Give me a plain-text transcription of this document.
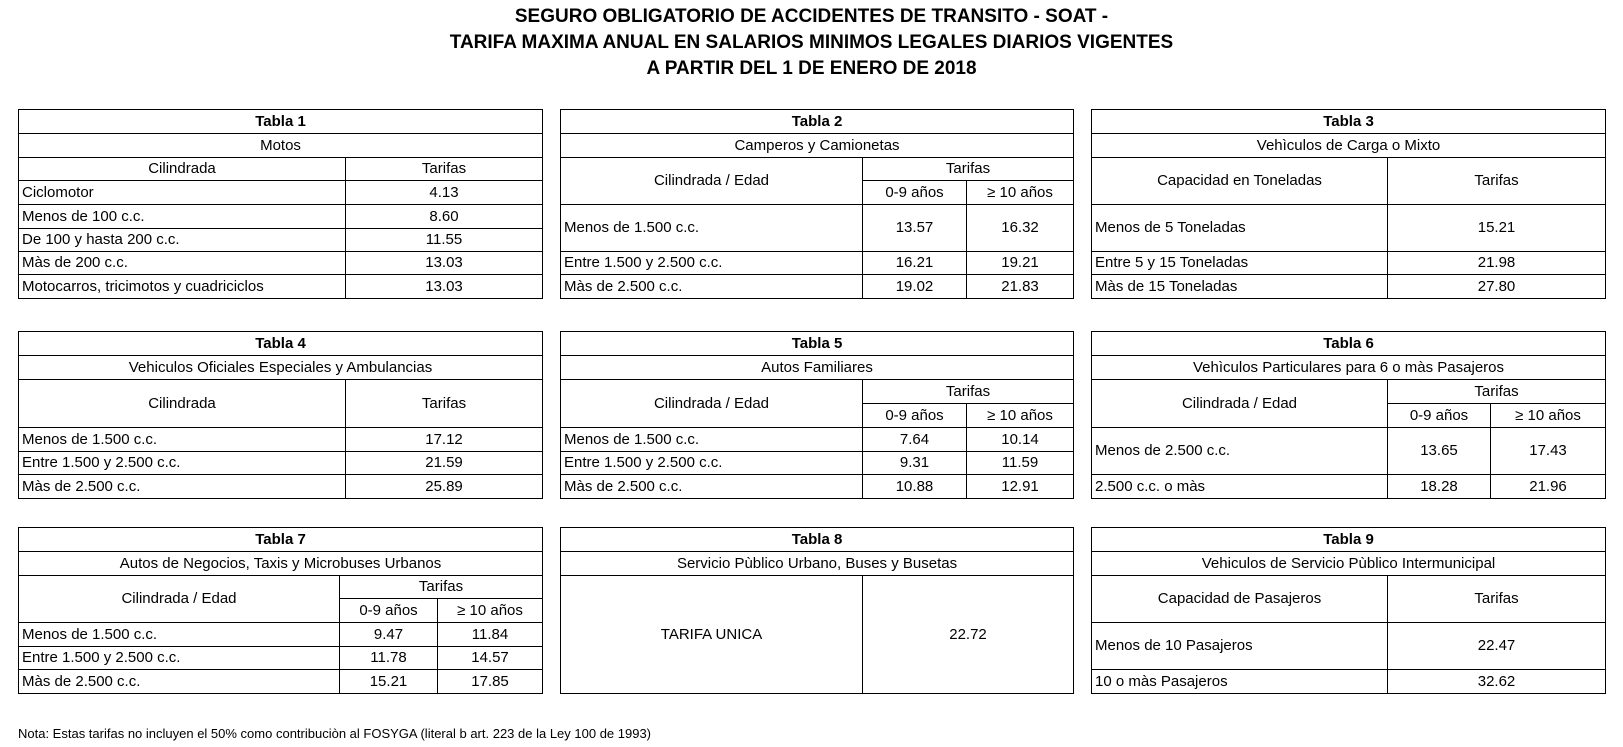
SEGURO OBLIGATORIO DE ACCIDENTES DE TRANSITO - SOAT -
TARIFA MAXIMA ANUAL EN SALARIOS MINIMOS LEGALES DIARIOS VIGENTES
A PARTIR DEL 1 DE ENERO DE 2018
Tabla 1	
Motos	
Cilindrada	Tarifas
Ciclomotor	4.13
Menos de 100 c.c.	8.60
De 100 y hasta 200 c.c.	11.55
Màs de 200 c.c.	13.03
Motocarros, tricimotos y cuadriciclos	13.03
Tabla 2		
Camperos y Camionetas		
Cilindrada / Edad	Tarifas	
	0-9 años	≥ 10 años
Menos de 1.500 c.c.	13.57	16.32
Entre 1.500 y 2.500 c.c.	16.21	19.21
Màs de 2.500 c.c.	19.02	21.83
Tabla 3	
Vehìculos de Carga o Mixto	
Capacidad en Toneladas	Tarifas
Menos de 5 Toneladas	15.21
Entre 5 y 15 Toneladas	21.98
Màs de 15 Toneladas	27.80
Tabla 4	
Vehiculos Oficiales Especiales y Ambulancias	
Cilindrada	Tarifas
Menos de 1.500 c.c.	17.12
Entre 1.500 y 2.500 c.c.	21.59
Màs de 2.500 c.c.	25.89
Tabla 5		
Autos Familiares		
Cilindrada / Edad	Tarifas	
	0-9 años	≥ 10 años
Menos de 1.500 c.c.	7.64	10.14
Entre 1.500 y 2.500 c.c.	9.31	11.59
Màs de 2.500 c.c.	10.88	12.91
Tabla 6		
Vehìculos Particulares para 6 o màs Pasajeros		
Cilindrada / Edad	Tarifas	
	0-9 años	≥ 10 años
Menos de 2.500 c.c.	13.65	17.43
2.500 c.c. o màs	18.28	21.96
Tabla 7		
Autos de Negocios, Taxis y Microbuses Urbanos		
Cilindrada / Edad	Tarifas	
	0-9 años	≥ 10 años
Menos de 1.500 c.c.	9.47	11.84
Entre 1.500 y 2.500 c.c.	11.78	14.57
Màs de 2.500 c.c.	15.21	17.85
Tabla 8
Servicio Pùblico Urbano, Buses y Busetas
TARIFA UNICA	22.72
Tabla 9	
Vehiculos de Servicio Pùblico Intermunicipal	
Capacidad de Pasajeros	Tarifas
Menos de 10 Pasajeros	22.47
10 o màs Pasajeros	32.62
Nota: Estas tarifas no incluyen el 50% como contribuciòn al FOSYGA (literal b art. 223 de la Ley 100 de 1993)
